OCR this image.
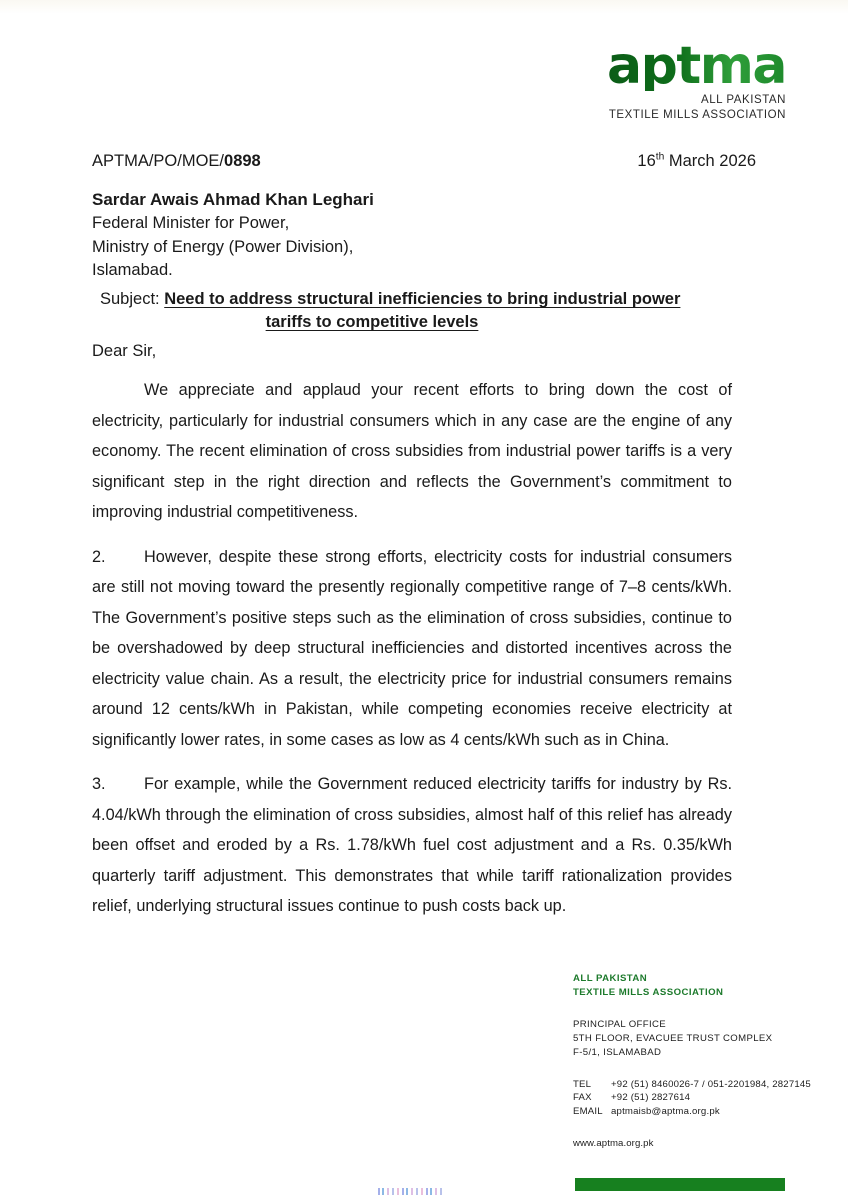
aptma
ALL PAKISTAN
TEXTILE MILLS ASSOCIATION
APTMA/PO/MOE/0898	16th March 2026
Sardar Awais Ahmad Khan Leghari
Federal Minister for Power,
Ministry of Energy (Power Division),
Islamabad.
Subject: Need to address structural inefficiencies to bring industrial power
tariffs to competitive levels
Dear Sir,

We appreciate and applaud your recent efforts to bring down the cost of electricity, particularly for industrial consumers which in any case are the engine of any economy. The recent elimination of cross subsidies from industrial power tariffs is a very significant step in the right direction and reflects the Government’s commitment to improving industrial competitiveness.

2. However, despite these strong efforts, electricity costs for industrial consumers are still not moving toward the presently regionally competitive range of 7–8 cents/kWh. The Government’s positive steps such as the elimination of cross subsidies, continue to be overshadowed by deep structural inefficiencies and distorted incentives across the electricity value chain. As a result, the electricity price for industrial consumers remains around 12 cents/kWh in Pakistan, while competing economies receive electricity at significantly lower rates, in some cases as low as 4 cents/kWh such as in China.

3. For example, while the Government reduced electricity tariffs for industry by Rs. 4.04/kWh through the elimination of cross subsidies, almost half of this relief has already been offset and eroded by a Rs. 1.78/kWh fuel cost adjustment and a Rs. 0.35/kWh quarterly tariff adjustment. This demonstrates that while tariff rationalization provides relief, underlying structural issues continue to push costs back up.

ALL PAKISTAN
TEXTILE MILLS ASSOCIATION
PRINCIPAL OFFICE
5TH FLOOR, EVACUEE TRUST COMPLEX
F-5/1, ISLAMABAD
TEL +92 (51) 8460026-7 / 051-2201984, 2827145
FAX +92 (51) 2827614
EMAIL aptmaisb@aptma.org.pk
www.aptma.org.pk
